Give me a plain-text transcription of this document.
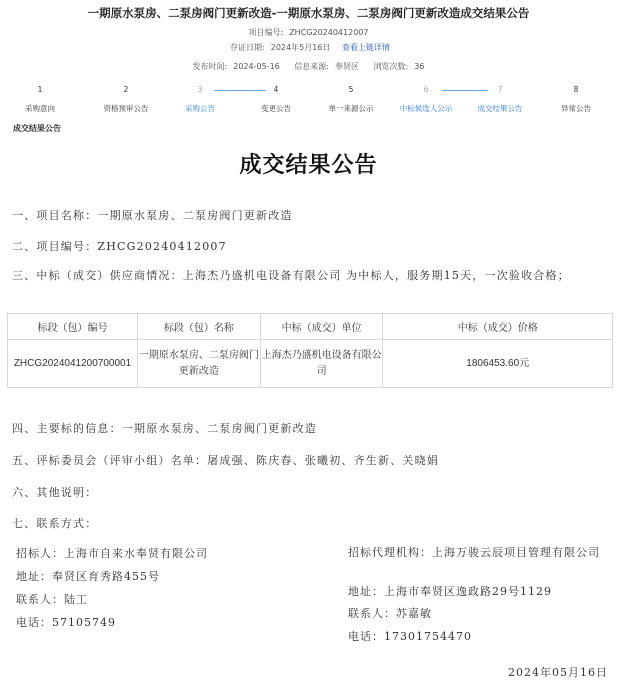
一期原水泵房、二泵房阀门更新改造-一期原水泵房、二泵房阀门更新改造成交结果公告
项目编号: ZHCG20240412007
存证日期: 2024年5月16日 查看上链详情
发布时间: 2024-05-16 信息来源: 奉贤区 浏览次数: 36
1
采购意向
2
资格预审公告
3
采购公告
4
变更公告
5
单一来源公示
6
中标候选人公示
7
成交结果公告
8
异常公告
成交结果公告
成交结果公告
一、项目名称：一期原水泵房、二泵房阀门更新改造
二、项目编号：ZHCG20240412007
三、中标（成交）供应商情况：上海杰乃盛机电设备有限公司 为中标人，服务期15天，一次验收合格；
标段（包）编号	标段（包）名称	中标（成交）单位	中标（成交）价格
ZHCG2024041200700001	一期原水泵房、二泵房阀门更新改造	上海杰乃盛机电设备有限公司	1806453.60元
四、主要标的信息：一期原水泵房、二泵房阀门更新改造
五、评标委员会（评审小组）名单：屠成强、陈庆春、张曦初、齐生新、关晓娟
六、其他说明：
七、联系方式：
招标人：上海市自来水奉贤有限公司
地址：奉贤区育秀路455号
联系人：陆工
电话：57105749
招标代理机构：上海万骏云辰项目管理有限公司
地址：上海市奉贤区逸政路29号1129
联系人：苏嘉敏
电话：17301754470
2024年05月16日
